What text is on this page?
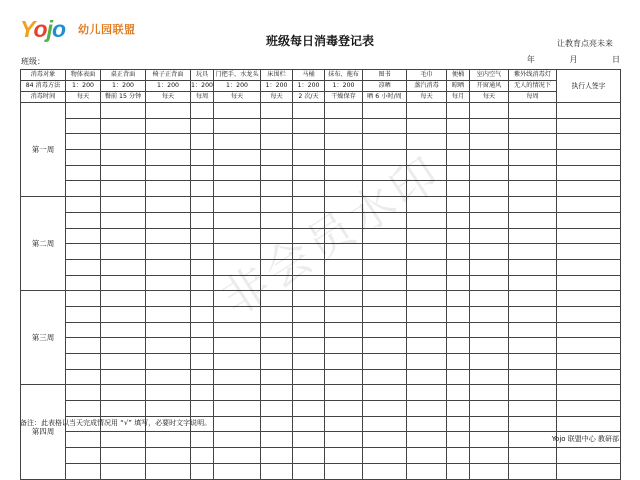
Yojo 幼儿园联盟
让教育点亮未来
班级每日消毒登记表
班级：	年	月	日
消毒对象	物体表面	桌正背面	椅子正背面	玩具	门把手、水龙头	床围栏	马桶	抹布、拖布	图书	毛巾	便桶	室内空气	紫外线消毒灯	执行人签字
84 消毒方法	1：200	1：200	1：200	1：200	1：200	1：200	1：200	1：200	凉晒	蒸汽消毒	晾晒	开窗通风	无人的情况下	
消毒时间	每天	餐前 15 分钟	每天	每周	每天	每天	2 次/天	干燥保存	晒 6 小时/周	每天	每月	每天	每周	
第一周														

第二周														

第三周														

第四周														

备注：此表格以当天完成情况用 “√” 填写，必要时文字说明。
Yojo 联盟中心 教研部
非会员水印
